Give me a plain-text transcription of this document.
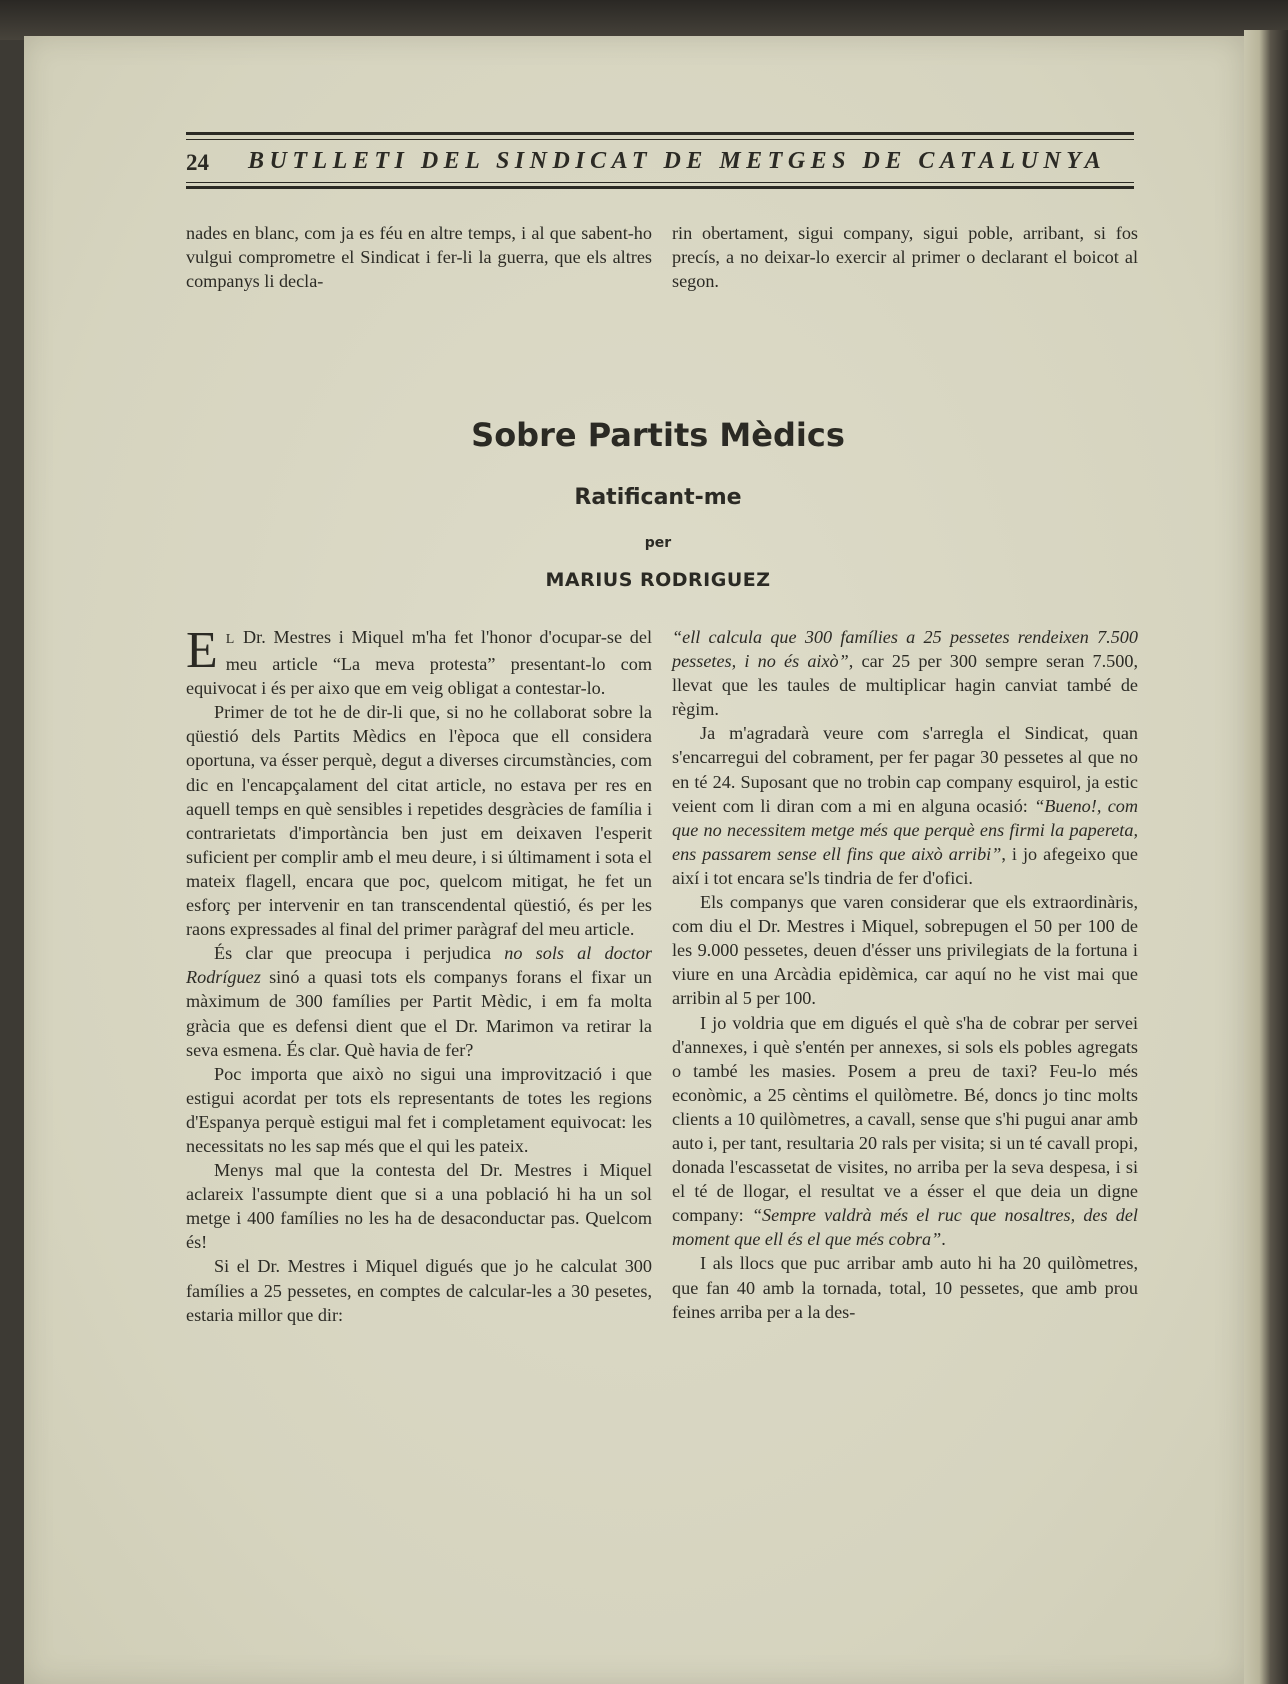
24 BUTLLETI DEL SINDICAT DE METGES DE CATALUNYA

nades en blanc, com ja es féu en altre temps, i al que sabent-ho vulgui comprometre el Sindicat i fer-li la guerra, que els altres companys li decla-

rin obertament, sigui company, sigui poble, arribant, si fos precís, a no deixar-lo exercir al primer o declarant el boicot al segon.

Sobre Partits Mèdics
Ratificant-me
per
MARIUS RODRIGUEZ

E L Dr. Mestres i Miquel m'ha fet l'honor d'ocupar-se del meu article “La meva protesta” presentant-lo com equivocat i és per aixo que em veig obligat a contestar-lo.

Primer de tot he de dir-li que, si no he collaborat sobre la qüestió dels Partits Mèdics en l'època que ell considera oportuna, va ésser perquè, degut a diverses circumstàncies, com dic en l'encapçalament del citat article, no estava per res en aquell temps en què sensibles i repetides desgràcies de família i contrarietats d'importància ben just em deixaven l'esperit suficient per complir amb el meu deure, i si últimament i sota el mateix flagell, encara que poc, quelcom mitigat, he fet un esforç per intervenir en tan transcendental qüestió, és per les raons expressades al final del primer paràgraf del meu article.

És clar que preocupa i perjudica no sols al doctor Rodríguez sinó a quasi tots els companys forans el fixar un màximum de 300 famílies per Partit Mèdic, i em fa molta gràcia que es defensi dient que el Dr. Marimon va retirar la seva esmena. És clar. Què havia de fer?

Poc importa que això no sigui una improvització i que estigui acordat per tots els representants de totes les regions d'Espanya perquè estigui mal fet i completament equivocat: les necessitats no les sap més que el qui les pateix.

Menys mal que la contesta del Dr. Mestres i Miquel aclareix l'assumpte dient que si a una població hi ha un sol metge i 400 famílies no les ha de desaconductar pas. Quelcom és!

Si el Dr. Mestres i Miquel digués que jo he calculat 300 famílies a 25 pessetes, en comptes de calcular-les a 30 pesetes, estaria millor que dir:

“ell calcula que 300 famílies a 25 pessetes rendeixen 7.500 pessetes, i no és això”, car 25 per 300 sempre seran 7.500, llevat que les taules de multiplicar hagin canviat també de règim.

Ja m'agradarà veure com s'arregla el Sindicat, quan s'encarregui del cobrament, per fer pagar 30 pessetes al que no en té 24. Suposant que no trobin cap company esquirol, ja estic veient com li diran com a mi en alguna ocasió: “Bueno!, com que no necessitem metge més que perquè ens firmi la papereta, ens passarem sense ell fins que això arribi”, i jo afegeixo que així i tot encara se'ls tindria de fer d'ofici.

Els companys que varen considerar que els extraordinàris, com diu el Dr. Mestres i Miquel, sobrepugen el 50 per 100 de les 9.000 pessetes, deuen d'ésser uns privilegiats de la fortuna i viure en una Arcàdia epidèmica, car aquí no he vist mai que arribin al 5 per 100.

I jo voldria que em digués el què s'ha de cobrar per servei d'annexes, i què s'entén per annexes, si sols els pobles agregats o també les masies. Posem a preu de taxi? Feu-lo més econòmic, a 25 cèntims el quilòmetre. Bé, doncs jo tinc molts clients a 10 quilòmetres, a cavall, sense que s'hi pugui anar amb auto i, per tant, resultaria 20 rals per visita; si un té cavall propi, donada l'escassetat de visites, no arriba per la seva despesa, i si el té de llogar, el resultat ve a ésser el que deia un digne company: “Sempre valdrà més el ruc que nosaltres, des del moment que ell és el que més cobra”.

I als llocs que puc arribar amb auto hi ha 20 quilòmetres, que fan 40 amb la tornada, total, 10 pessetes, que amb prou feines arriba per a la des-
